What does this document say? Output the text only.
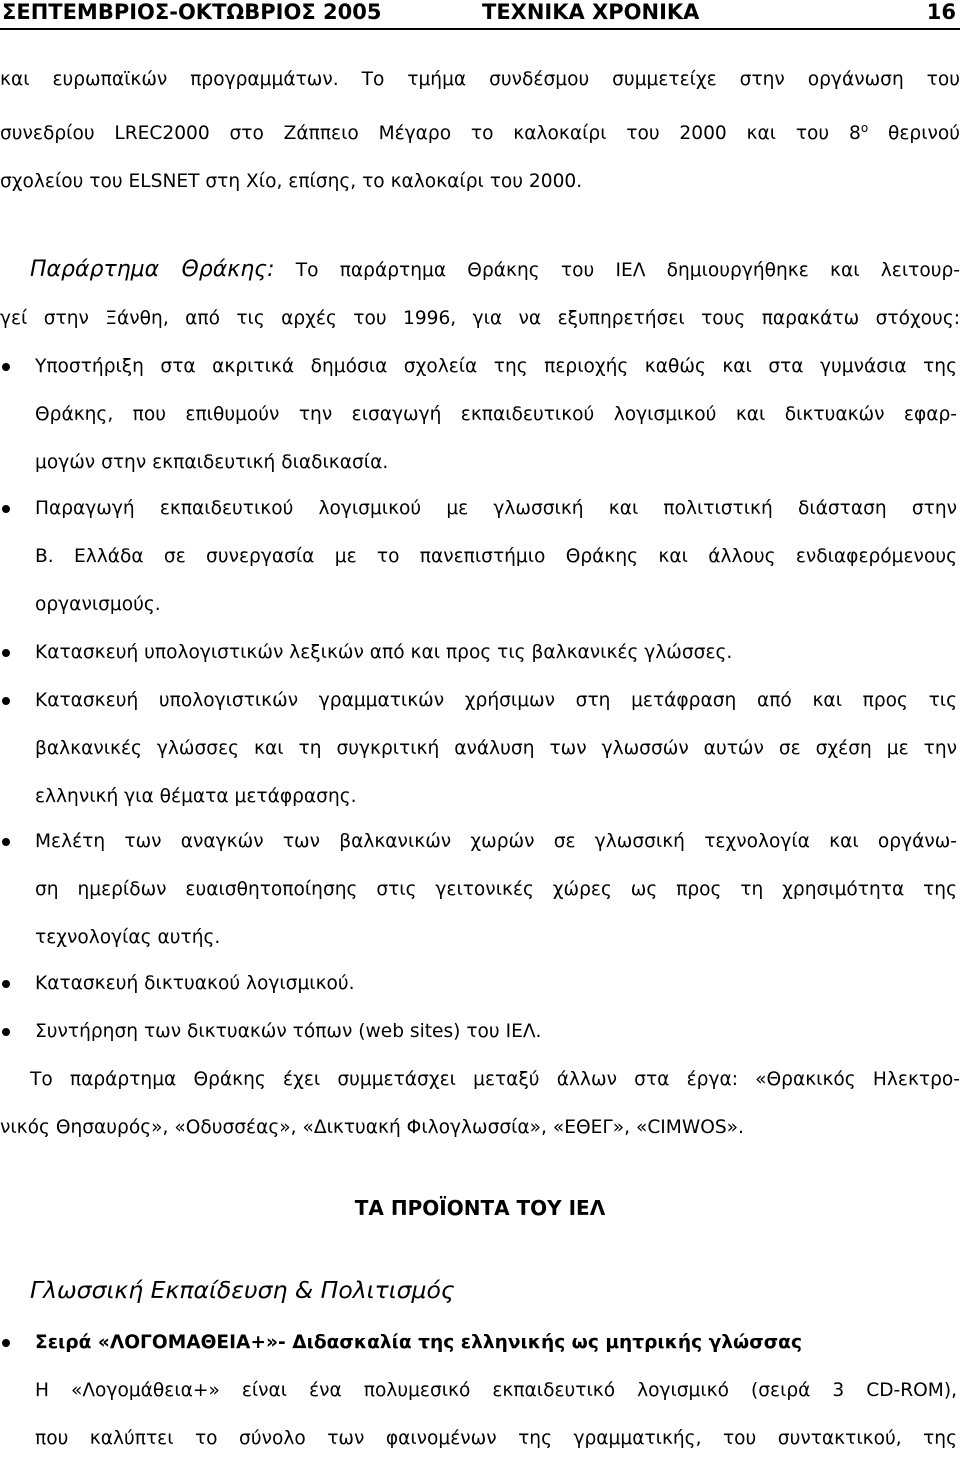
ΣΕΠΤΕΜΒΡΙΟΣ-ΟΚΤΩΒΡΙΟΣ 2005	ΤΕΧΝΙΚΑ ΧΡΟΝΙΚΑ	16
και ευρωπαϊκών προγραμμάτων. Το τμήμα συνδέσμου συμμετείχε στην οργάνωση του
συνεδρίου LREC2000 στο Ζάππειο Μέγαρο το καλοκαίρι του 2000 και του $8^o$ θερινού
σχολείου του ELSNET στη Χίο, επίσης, το καλοκαίρι του 2000.
Παράρτημα Θράκης: Το παράρτημα Θράκης του ΙΕΛ δημιουργήθηκε και λειτουρ-
γεί στην Ξάνθη, από τις αρχές του 1996, για να εξυπηρετήσει τους παρακάτω στόχους:
Υποστήριξη στα ακριτικά δημόσια σχολεία της περιοχής καθώς και στα γυμνάσια της
Θράκης, που επιθυμούν την εισαγωγή εκπαιδευτικού λογισμικού και δικτυακών εφαρ-
μογών στην εκπαιδευτική διαδικασία.
Παραγωγή εκπαιδευτικού λογισμικού με γλωσσική και πολιτιστική διάσταση στην
Β. Ελλάδα σε συνεργασία με το πανεπιστήμιο Θράκης και άλλους ενδιαφερόμενους
οργανισμούς.
Κατασκευή υπολογιστικών λεξικών από και προς τις βαλκανικές γλώσσες.
Κατασκευή υπολογιστικών γραμματικών χρήσιμων στη μετάφραση από και προς τις
βαλκανικές γλώσσες και τη συγκριτική ανάλυση των γλωσσών αυτών σε σχέση με την
ελληνική για θέματα μετάφρασης.
Μελέτη των αναγκών των βαλκανικών χωρών σε γλωσσική τεχνολογία και οργάνω-
ση ημερίδων ευαισθητοποίησης στις γειτονικές χώρες ως προς τη χρησιμότητα της
τεχνολογίας αυτής.
Κατασκευή δικτυακού λογισμικού.
Συντήρηση των δικτυακών τόπων (web sites) του ΙΕΛ.
Το παράρτημα Θράκης έχει συμμετάσχει μεταξύ άλλων στα έργα: «Θρακικός Ηλεκτρο-
νικός Θησαυρός», «Οδυσσέας», «Δικτυακή Φιλογλωσσία», «ΕΘΕΓ», «CIMWOS».
ΤΑ ΠΡΟΪΟΝΤΑ ΤΟΥ ΙΕΛ
Γλωσσική Εκπαίδευση & Πολιτισμός
Σειρά «ΛΟΓΟΜΑΘΕΙΑ+»- Διδασκαλία της ελληνικής ως μητρικής γλώσσας
Η «Λογομάθεια+» είναι ένα πολυμεσικό εκπαιδευτικό λογισμικό (σειρά 3 CD-ROM),
που καλύπτει το σύνολο των φαινομένων της γραμματικής, του συντακτικού, της
